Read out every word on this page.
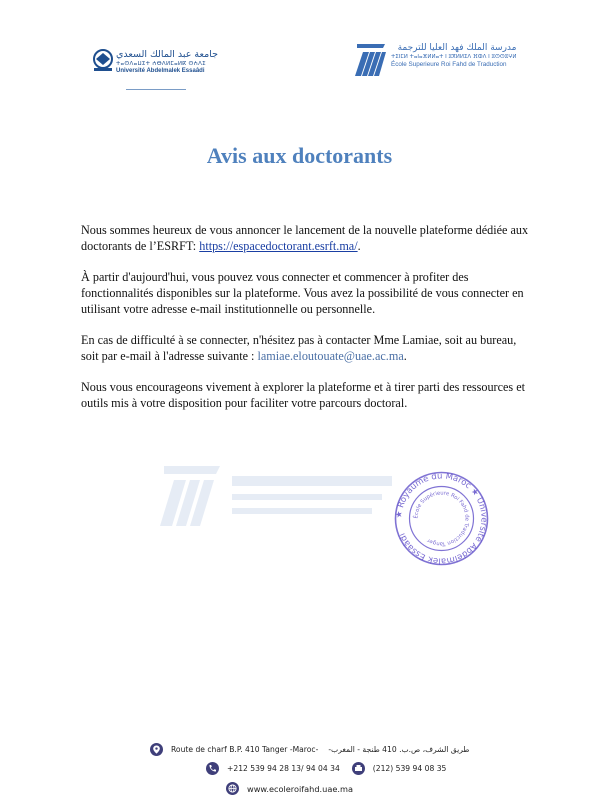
جامعة عبد المالك السعدي
ⵜⴰⵙⴷⴰⵡⵉⵜ ⵄⴱⴷⵍⵎⴰⵍⴽ ⵙⵄⴷⵉ
Université Abdelmalek Essaâdi
مدرسة الملك فهد العليا للترجمة
ⵜⵉⵏⵎⵍ ⵜⴰⵏⴰⴼⵍⵍⴰⵜ ⵏ ⵓⴳⵍⵍⵉⴷ ⴼⵀⴷ ⵏ ⵓⵙⵙⵓⵖⵍ
École Superieure Roi Fahd de Traduction
Avis aux doctorants

Nous sommes heureux de vous annoncer le lancement de la nouvelle plateforme dédiée aux doctorants de l’ESRFT: https://espacedoctorant.esrft.ma/.

À partir d'aujourd'hui, vous pouvez vous connecter et commencer à profiter des fonctionnalités disponibles sur la plateforme. Vous avez la possibilité de vous connecter en utilisant votre adresse e-mail institutionnelle ou personnelle.

En cas de difficulté à se connecter, n'hésitez pas à contacter Mme Lamiae, soit au bureau, soit par e-mail à l'adresse suivante : lamiae.eloutouate@uae.ac.ma.

Nous vous encourageons vivement à explorer la plateforme et à tirer parti des ressources et outils mis à votre disposition pour faciliter votre parcours doctoral.

★ Royaume du Maroc ★ Université Abdelmalek Essaâdi
École Supérieure Roi Fahd de Traduction Tanger
Route de charf B.P. 410 Tanger -Maroc- طريق الشرف، ص.ب. 410 طنجة - المغرب-
+212 539 94 28 13/ 94 04 34	(212) 539 94 08 35
www.ecoleroifahd.uae.ma
